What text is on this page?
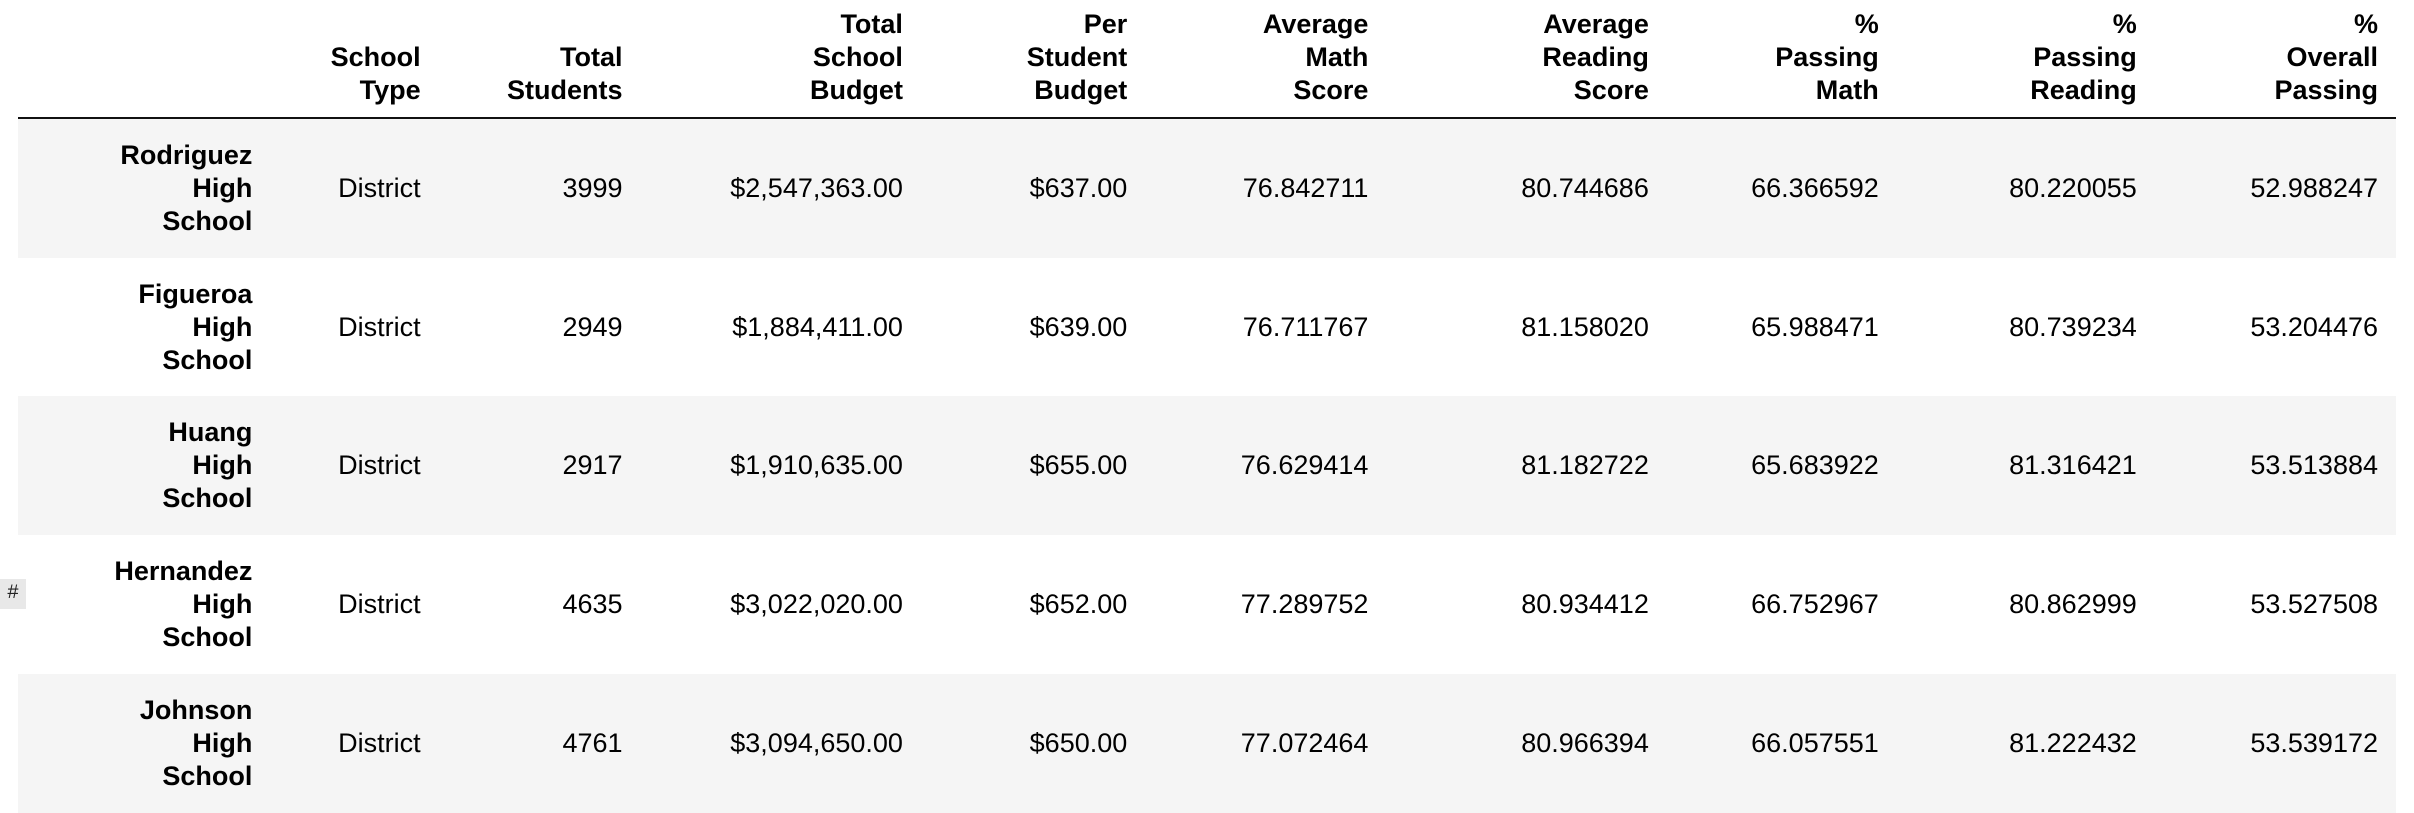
	School Type	Total Students	Total School Budget	Per Student Budget	Average Math Score	Average Reading Score	% Passing Math	% Passing Reading	% Overall Passing
Rodriguez High School	District	3999	$2,547,363.00	$637.00	76.842711	80.744686	66.366592	80.220055	52.988247
Figueroa High School	District	2949	$1,884,411.00	$639.00	76.711767	81.158020	65.988471	80.739234	53.204476
Huang High School	District	2917	$1,910,635.00	$655.00	76.629414	81.182722	65.683922	81.316421	53.513884
Hernandez High School	District	4635	$3,022,020.00	$652.00	77.289752	80.934412	66.752967	80.862999	53.527508
Johnson High School	District	4761	$3,094,650.00	$650.00	77.072464	80.966394	66.057551	81.222432	53.539172
#
